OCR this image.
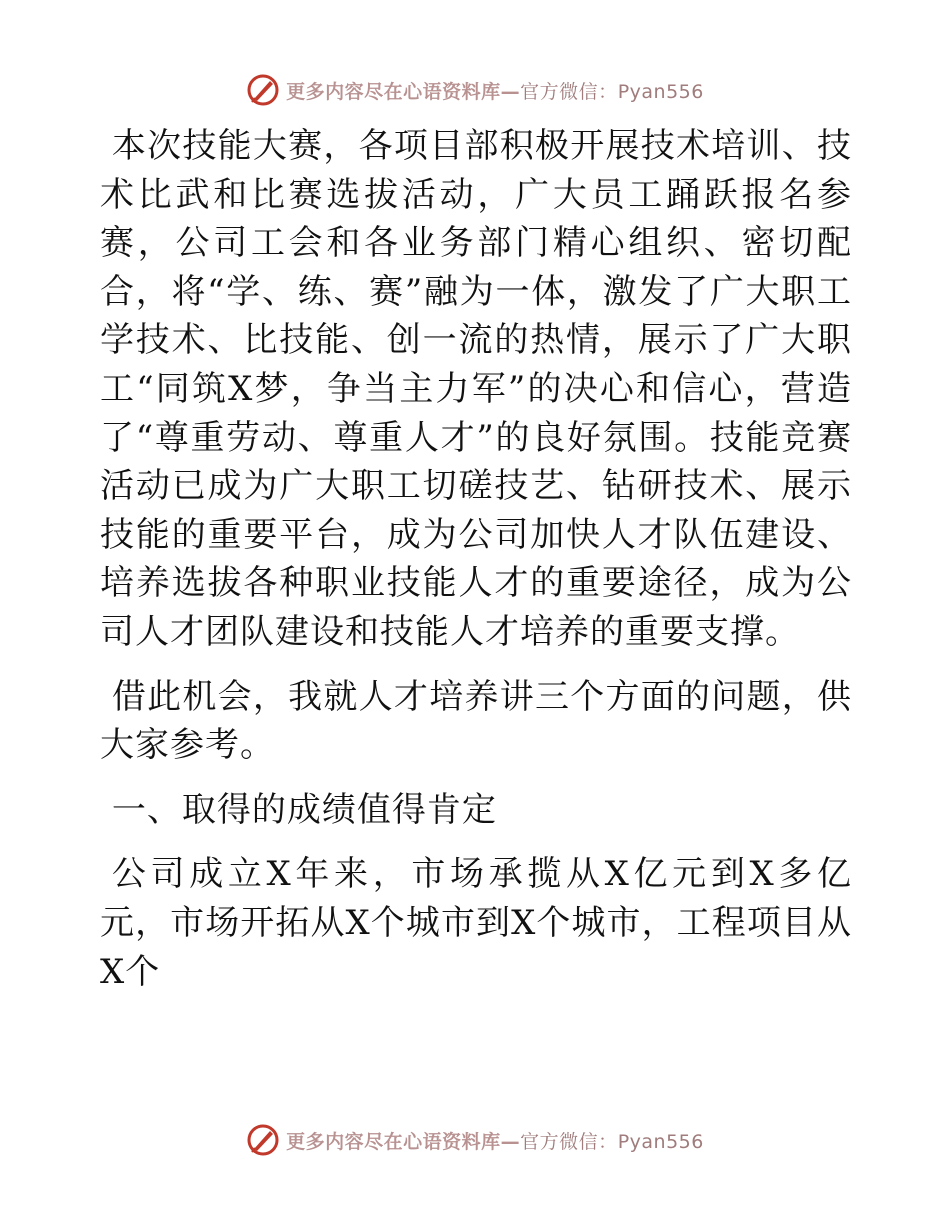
更多内容尽在心语资料库—官方微信：Pyan556

本次技能大赛，各项目部积极开展技术培训、技术比武和比赛选拔活动，广大员工踊跃报名参赛，公司工会和各业务部门精心组织、密切配合，将“学、练、赛”融为一体，激发了广大职工学技术、比技能、创一流的热情，展示了广大职工“同筑X梦，争当主力军”的决心和信心，营造了“尊重劳动、尊重人才”的良好氛围。技能竞赛活动已成为广大职工切磋技艺、钻研技术、展示技能的重要平台，成为公司加快人才队伍建设、培养选拔各种职业技能人才的重要途径，成为公司人才团队建设和技能人才培养的重要支撑。

借此机会，我就人才培养讲三个方面的问题，供大家参考。

一、取得的成绩值得肯定

公司成立X年来，市场承揽从X亿元到X多亿元，市场开拓从X个城市到X个城市，工程项目从X个

更多内容尽在心语资料库—官方微信：Pyan556
